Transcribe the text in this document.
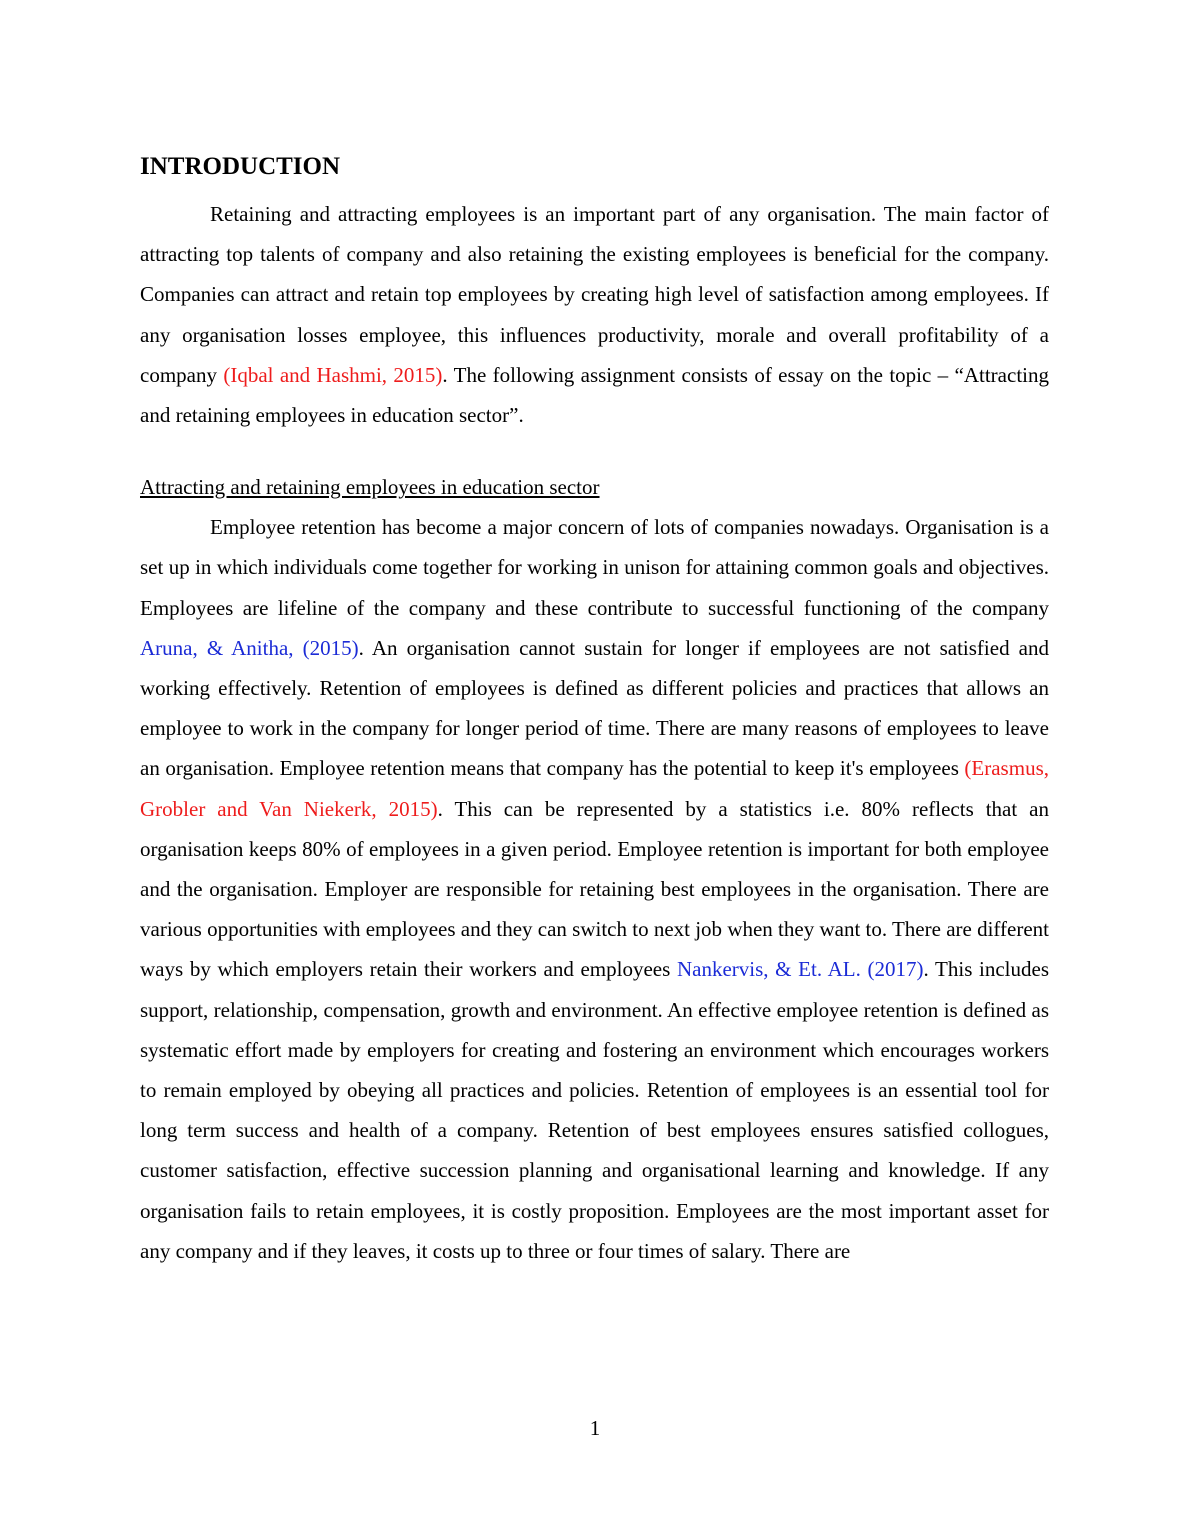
INTRODUCTION

Retaining and attracting employees is an important part of any organisation. The main factor of attracting top talents of company and also retaining the existing employees is beneficial for the company. Companies can attract and retain top employees by creating high level of satisfaction among employees. If any organisation losses employee, this influences productivity, morale and overall profitability of a company (Iqbal and Hashmi, 2015). The following assignment consists of essay on the topic – “Attracting and retaining employees in education sector”.

Attracting and retaining employees in education sector

Employee retention has become a major concern of lots of companies nowadays. Organisation is a set up in which individuals come together for working in unison for attaining common goals and objectives. Employees are lifeline of the company and these contribute to successful functioning of the company Aruna, & Anitha, (2015). An organisation cannot sustain for longer if employees are not satisfied and working effectively. Retention of employees is defined as different policies and practices that allows an employee to work in the company for longer period of time. There are many reasons of employees to leave an organisation. Employee retention means that company has the potential to keep it's employees (Erasmus, Grobler and Van Niekerk, 2015). This can be represented by a statistics i.e. 80% reflects that an organisation keeps 80% of employees in a given period. Employee retention is important for both employee and the organisation. Employer are responsible for retaining best employees in the organisation. There are various opportunities with employees and they can switch to next job when they want to. There are different ways by which employers retain their workers and employees Nankervis, & Et. AL. (2017). This includes support, relationship, compensation, growth and environment. An effective employee retention is defined as systematic effort made by employers for creating and fostering an environment which encourages workers to remain employed by obeying all practices and policies. Retention of employees is an essential tool for long term success and health of a company. Retention of best employees ensures satisfied collogues, customer satisfaction, effective succession planning and organisational learning and knowledge. If any organisation fails to retain employees, it is costly proposition. Employees are the most important asset for any company and if they leaves, it costs up to three or four times of salary. There are

1
